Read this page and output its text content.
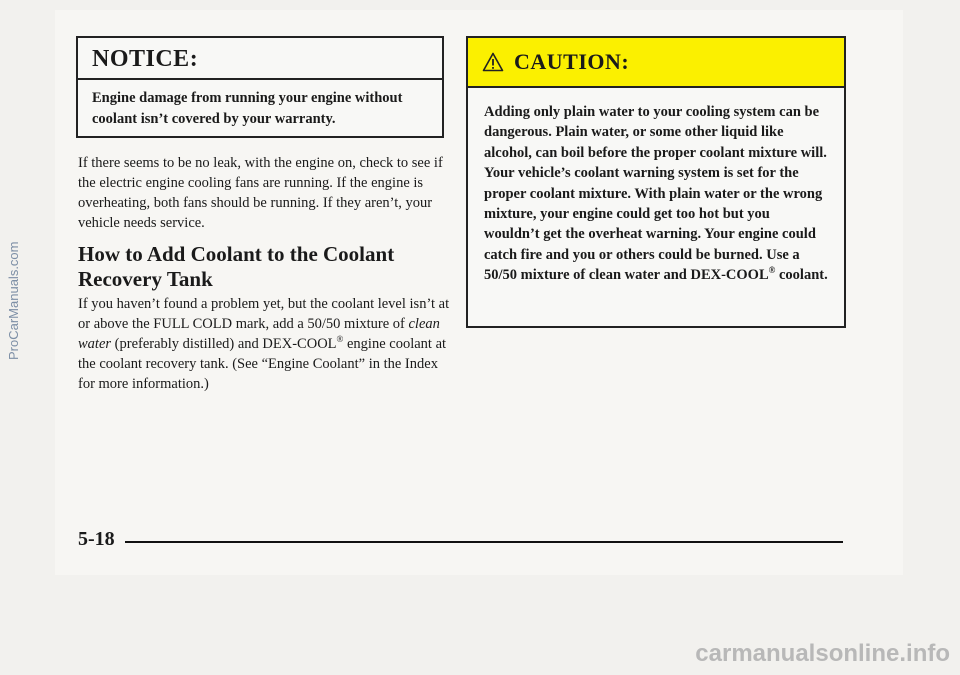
NOTICE:
Engine damage from running your engine without coolant isn’t covered by your warranty.
If there seems to be no leak, with the engine on, check to see if the electric engine cooling fans are running. If the engine is overheating, both fans should be running. If they aren’t, your vehicle needs service.
How to Add Coolant to the Coolant Recovery Tank
If you haven’t found a problem yet, but the coolant level isn’t at or above the FULL COLD mark, add a 50/50 mixture of clean water (preferably distilled) and DEX-COOL® engine coolant at the coolant recovery tank. (See “Engine Coolant” in the Index for more information.)
CAUTION:
Adding only plain water to your cooling system can be dangerous. Plain water, or some other liquid like alcohol, can boil before the proper coolant mixture will. Your vehicle’s coolant warning system is set for the proper coolant mixture. With plain water or the wrong mixture, your engine could get too hot but you wouldn’t get the overheat warning. Your engine could catch fire and you or others could be burned. Use a 50/50 mixture of clean water and DEX-COOL® coolant.
5-18
ProCarManuals.com
carmanualsonline.info
